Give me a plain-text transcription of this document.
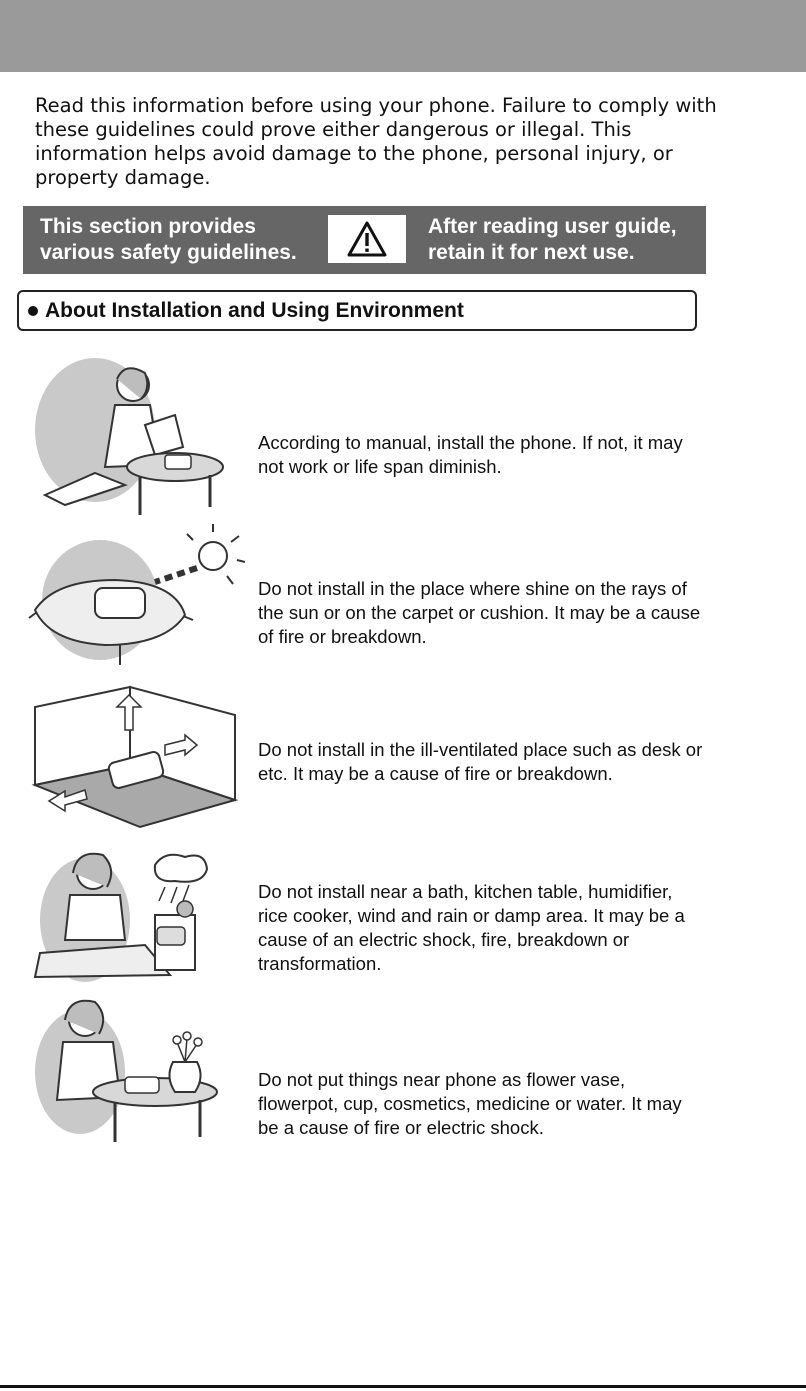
Read this information before using your phone. Failure to comply with these guidelines could prove either dangerous or illegal. This information helps avoid damage to the phone, personal injury, or property damage.

This section provides
various safety guidelines.
After reading user guide,
retain it for next use.
About Installation and Using Environment

According to manual, install the phone. If not, it may not work or life span diminish.

Do not install in the place where shine on the rays of the sun or on the carpet or cushion. It may be a cause of fire or breakdown.

Do not install in the ill-ventilated place such as desk or etc. It may be a cause of fire or breakdown.

Do not install near a bath, kitchen table, humidifier, rice cooker, wind and rain or damp area. It may be a cause of an electric shock, fire, breakdown or transformation.

Do not put things near phone as flower vase, flowerpot, cup, cosmetics, medicine or water. It may be a cause of fire or electric shock.
